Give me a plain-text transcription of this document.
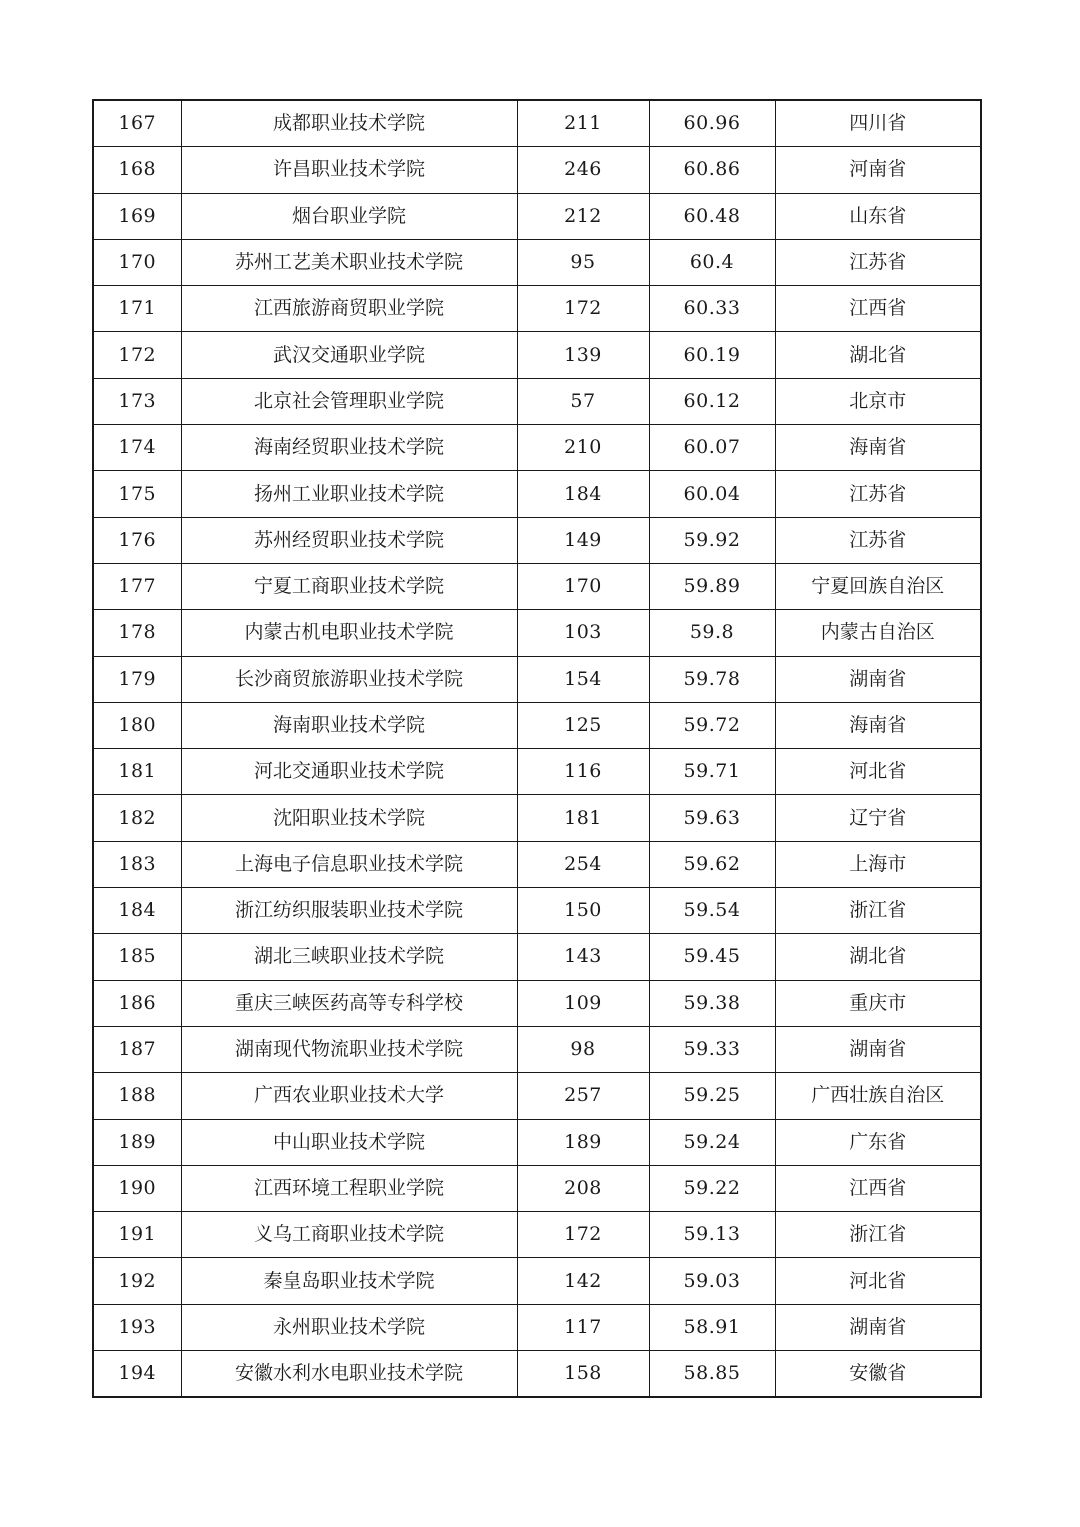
167	成都职业技术学院	211	60.96	四川省
168	许昌职业技术学院	246	60.86	河南省
169	烟台职业学院	212	60.48	山东省
170	苏州工艺美术职业技术学院	95	60.4	江苏省
171	江西旅游商贸职业学院	172	60.33	江西省
172	武汉交通职业学院	139	60.19	湖北省
173	北京社会管理职业学院	57	60.12	北京市
174	海南经贸职业技术学院	210	60.07	海南省
175	扬州工业职业技术学院	184	60.04	江苏省
176	苏州经贸职业技术学院	149	59.92	江苏省
177	宁夏工商职业技术学院	170	59.89	宁夏回族自治区
178	内蒙古机电职业技术学院	103	59.8	内蒙古自治区
179	长沙商贸旅游职业技术学院	154	59.78	湖南省
180	海南职业技术学院	125	59.72	海南省
181	河北交通职业技术学院	116	59.71	河北省
182	沈阳职业技术学院	181	59.63	辽宁省
183	上海电子信息职业技术学院	254	59.62	上海市
184	浙江纺织服装职业技术学院	150	59.54	浙江省
185	湖北三峡职业技术学院	143	59.45	湖北省
186	重庆三峡医药高等专科学校	109	59.38	重庆市
187	湖南现代物流职业技术学院	98	59.33	湖南省
188	广西农业职业技术大学	257	59.25	广西壮族自治区
189	中山职业技术学院	189	59.24	广东省
190	江西环境工程职业学院	208	59.22	江西省
191	义乌工商职业技术学院	172	59.13	浙江省
192	秦皇岛职业技术学院	142	59.03	河北省
193	永州职业技术学院	117	58.91	湖南省
194	安徽水利水电职业技术学院	158	58.85	安徽省
